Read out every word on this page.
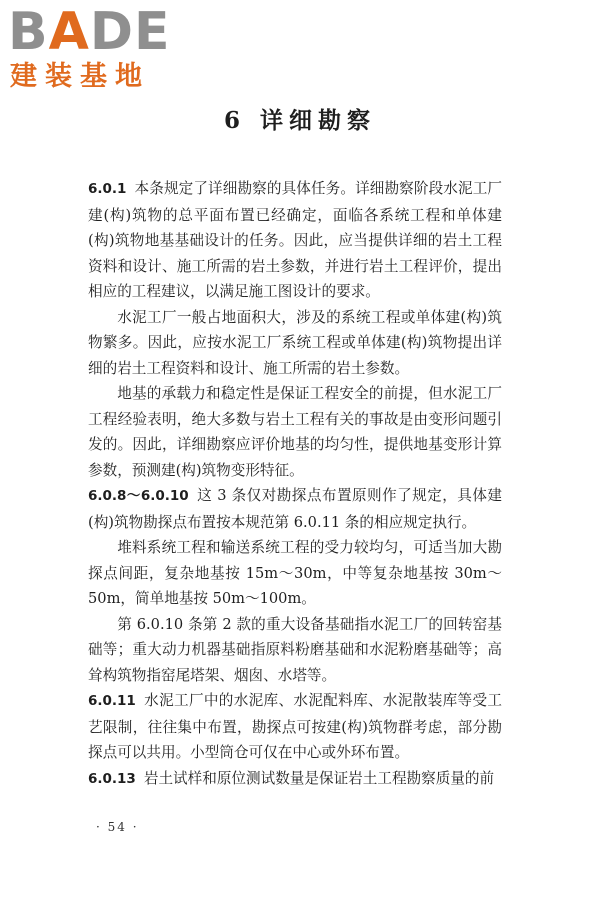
BADE
建装基地
6 详细勘察

6.0.1 本条规定了详细勘察的具体任务。详细勘察阶段水泥工厂建(构)筑物的总平面布置已经确定，面临各系统工程和单体建(构)筑物地基基础设计的任务。因此，应当提供详细的岩土工程资料和设计、施工所需的岩土参数，并进行岩土工程评价，提出相应的工程建议，以满足施工图设计的要求。

水泥工厂一般占地面积大，涉及的系统工程或单体建(构)筑物繁多。因此，应按水泥工厂系统工程或单体建(构)筑物提出详细的岩土工程资料和设计、施工所需的岩土参数。

地基的承载力和稳定性是保证工程安全的前提，但水泥工厂工程经验表明，绝大多数与岩土工程有关的事故是由变形问题引发的。因此，详细勘察应评价地基的均匀性，提供地基变形计算参数，预测建(构)筑物变形特征。

6.0.8～6.0.10 这 3 条仅对勘探点布置原则作了规定，具体建(构)筑物勘探点布置按本规范第 6.0.11 条的相应规定执行。

堆料系统工程和输送系统工程的受力较均匀，可适当加大勘探点间距，复杂地基按 15m～30m，中等复杂地基按 30m～50m，简单地基按 50m～100m。

第 6.0.10 条第 2 款的重大设备基础指水泥工厂的回转窑基础等；重大动力机器基础指原料粉磨基础和水泥粉磨基础等；高耸构筑物指窑尾塔架、烟囱、水塔等。

6.0.11 水泥工厂中的水泥库、水泥配料库、水泥散装库等受工艺限制，往往集中布置，勘探点可按建(构)筑物群考虑，部分勘探点可以共用。小型筒仓可仅在中心或外环布置。

6.0.13 岩土试样和原位测试数量是保证岩土工程勘察质量的前

· 54 ·
